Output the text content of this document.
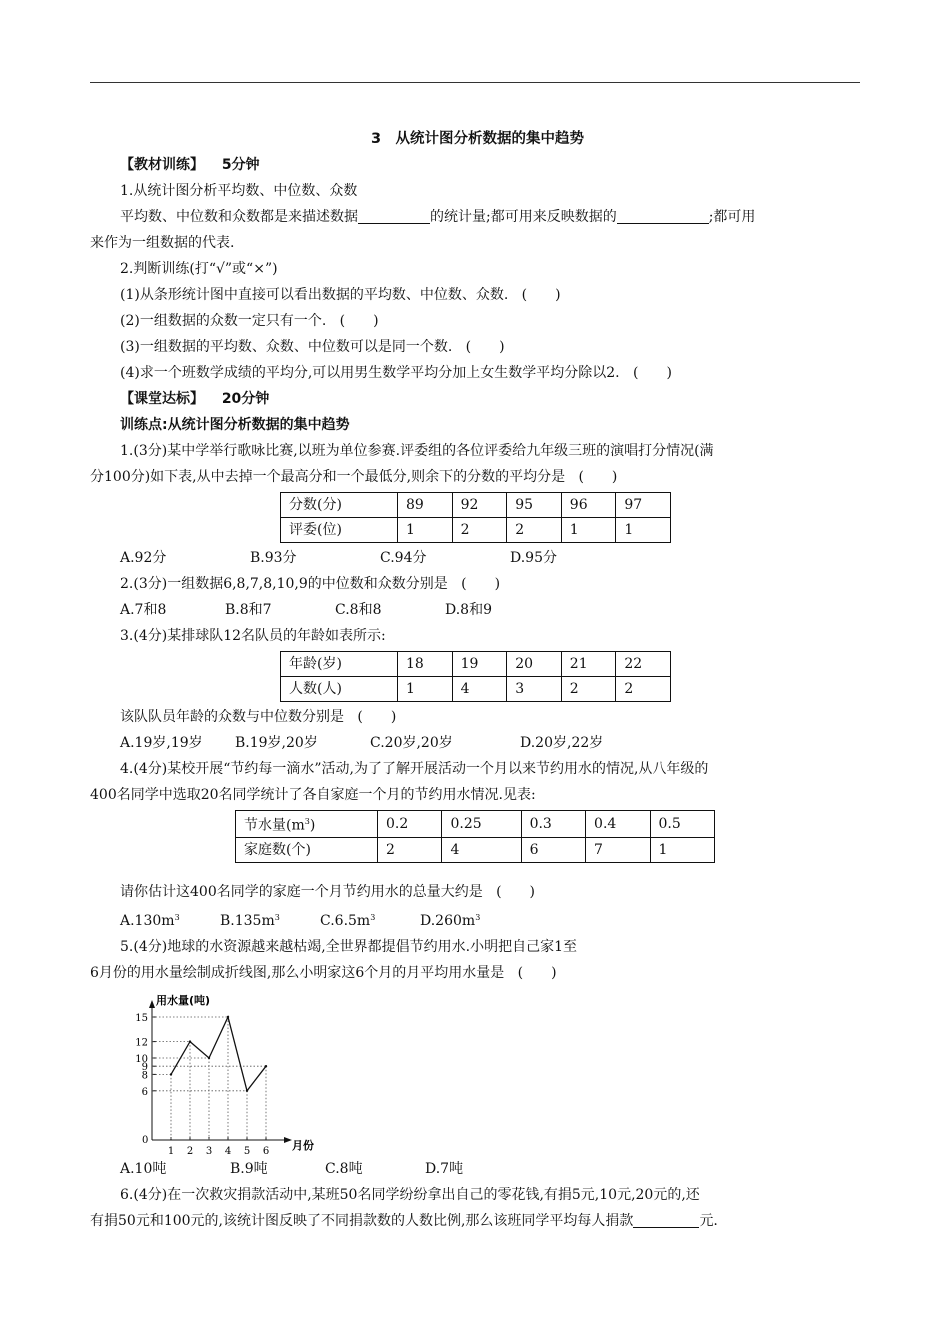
3　从统计图分析数据的集中趋势
【教材训练】 5分钟
1.从统计图分析平均数、中位数、众数
平均数、中位数和众数都是来描述数据	的统计量;都可用来反映数据的	;都可用
来作为一组数据的代表.
2.判断训练(打“√”或“×”)
(1)从条形统计图中直接可以看出数据的平均数、中位数、众数. (　　)
(2)一组数据的众数一定只有一个. (　　)
(3)一组数据的平均数、众数、中位数可以是同一个数. (　　)
(4)求一个班数学成绩的平均分,可以用男生数学平均分加上女生数学平均分除以2. (　　)
【课堂达标】 20分钟
训练点:从统计图分析数据的集中趋势
1.(3分)某中学举行歌咏比赛,以班为单位参赛.评委组的各位评委给九年级三班的演唱打分情况(满
分100分)如下表,从中去掉一个最高分和一个最低分,则余下的分数的平均分是 (　　)
分数(分)	89	92	95	96	97
评委(位)	1	2	2	1	1
A.92分	B.93分	C.94分	D.95分
2.(3分)一组数据6,8,7,8,10,9的中位数和众数分别是 (　　)
A.7和8	B.8和7	C.8和8	D.8和9
3.(4分)某排球队12名队员的年龄如表所示:
年龄(岁)	18	19	20	21	22
人数(人)	1	4	3	2	2
该队队员年龄的众数与中位数分别是 (　　)
A.19岁,19岁 B.19岁,20岁	C.20岁,20岁	D.20岁,22岁
4.(4分)某校开展“节约每一滴水”活动,为了了解开展活动一个月以来节约用水的情况,从八年级的
400名同学中选取20名同学统计了各自家庭一个月的节约用水情况.见表:
节水量$(m^3)$	0.2	0.25	0.3	0.4	0.5
家庭数(个)	2	4	6	7	1
请你估计这400名同学的家庭一个月节约用水的总量大约是 (　　)
$A.130m^3$	$B.135m^3$	$C.6.5m^3$	$D.260m^3$
5.(4分)地球的水资源越来越枯竭,全世界都提倡节约用水.小明把自己家1至
6月份的用水量绘制成折线图,那么小明家这6个月的月平均用水量是 (　　)
用水量(吨)
月份
0
6
8
9
10
12
15
1 2 3 4 5 6
A.10吨	B.9吨	C.8吨	D.7吨
6.(4分)在一次救灾捐款活动中,某班50名同学纷纷拿出自己的零花钱,有捐5元,10元,20元的,还
有捐50元和100元的,该统计图反映了不同捐款数的人数比例,那么该班同学平均每人捐款	元.
